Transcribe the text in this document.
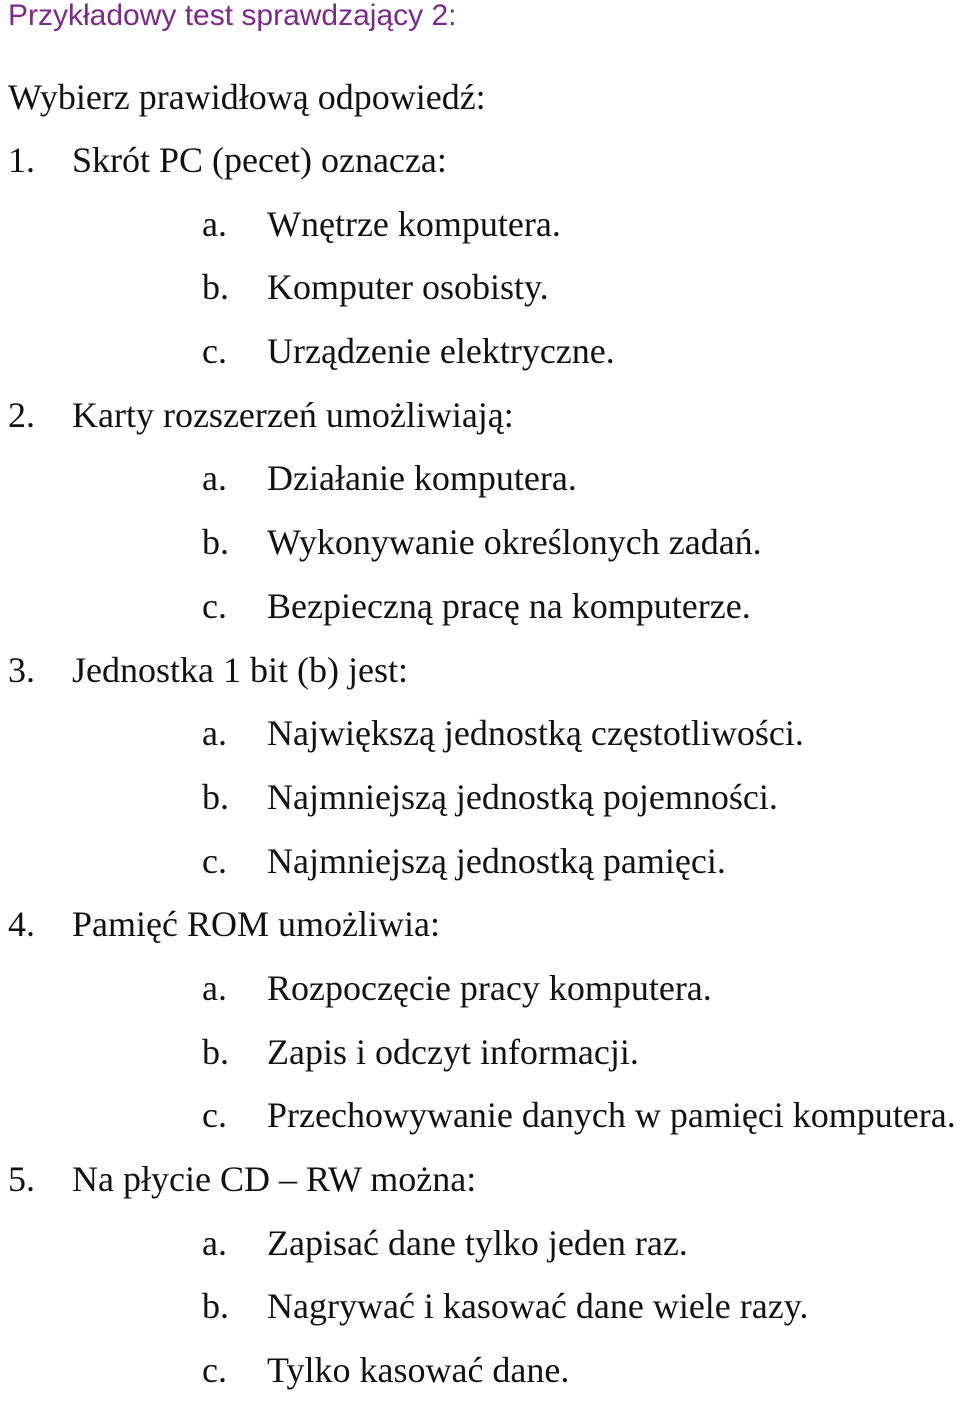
Przykładowy test sprawdzający 2:
Wybierz prawidłową odpowiedź:
1. Skrót PC (pecet) oznacza:
a. Wnętrze komputera.
b. Komputer osobisty.
c. Urządzenie elektryczne.
2. Karty rozszerzeń umożliwiają:
a. Działanie komputera.
b. Wykonywanie określonych zadań.
c. Bezpieczną pracę na komputerze.
3. Jednostka 1 bit (b) jest:
a. Największą jednostką częstotliwości.
b. Najmniejszą jednostką pojemności.
c. Najmniejszą jednostką pamięci.
4. Pamięć ROM umożliwia:
a. Rozpoczęcie pracy komputera.
b. Zapis i odczyt informacji.
c. Przechowywanie danych w pamięci komputera.
5. Na płycie CD – RW można:
a. Zapisać dane tylko jeden raz.
b. Nagrywać i kasować dane wiele razy.
c. Tylko kasować dane.
